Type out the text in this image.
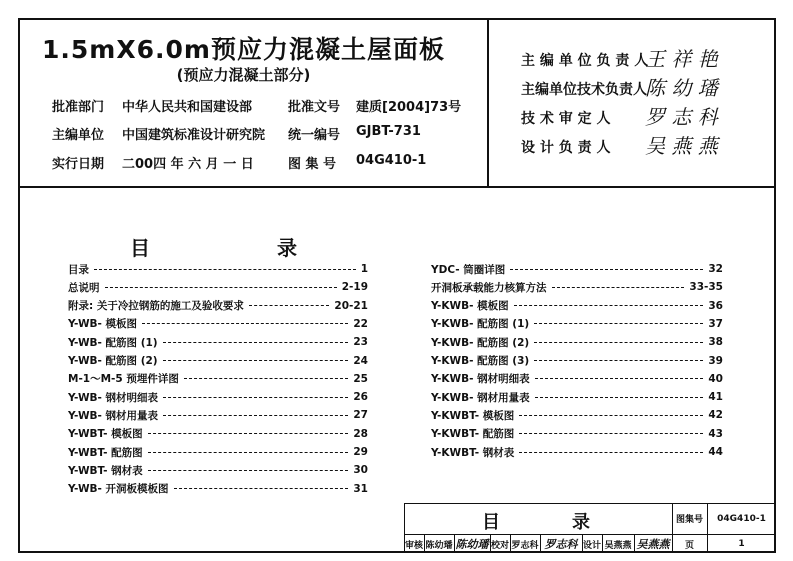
1.5mX6.0m预应力混凝土屋面板
(预应力混凝土部分)
批准部门 中华人民共和国建设部	批准文号 建质[2004]73号
主编单位 中国建筑标准设计研究院 统一编号 GJBT-731
实行日期 二00四 年 六 月 一 日	图 集 号 04G410-1
主 编 单 位 负 责 人
王 祥 艳
主编单位技术负责人
陈 幼 璠
技 术 审 定 人 罗 志 科
设 计 负 责 人 吴 燕 燕
目	录
目录	1
总说明	2-19
附录: 关于冷拉钢筋的施工及验收要求	20-21
Y-WB- 模板图	22
Y-WB- 配筋图 (1)	23
Y-WB- 配筋图 (2)	24
M-1～M-5 预埋件详图	25
Y-WB- 钢材明细表	26
Y-WB- 钢材用量表	27
Y-WBT- 模板图	28
Y-WBT- 配筋图	29
Y-WBT- 钢材表	30
Y-WB- 开洞板模板图	31
YDC- 筒圈详图	32
开洞板承载能力核算方法	33-35
Y-KWB- 模板图	36
Y-KWB- 配筋图 (1)	37
Y-KWB- 配筋图 (2)	38
Y-KWB- 配筋图 (3)	39
Y-KWB- 钢材明细表	40
Y-KWB- 钢材用量表	41
Y-KWBT- 模板图	42
Y-KWBT- 配筋图	43
Y-KWBT- 钢材表	44
目	录	图集号	04G410-1
审核 陈幼璠 陈幼璠 校对 罗志科 罗志科 设计 吴燕燕 吴燕燕	页	1
